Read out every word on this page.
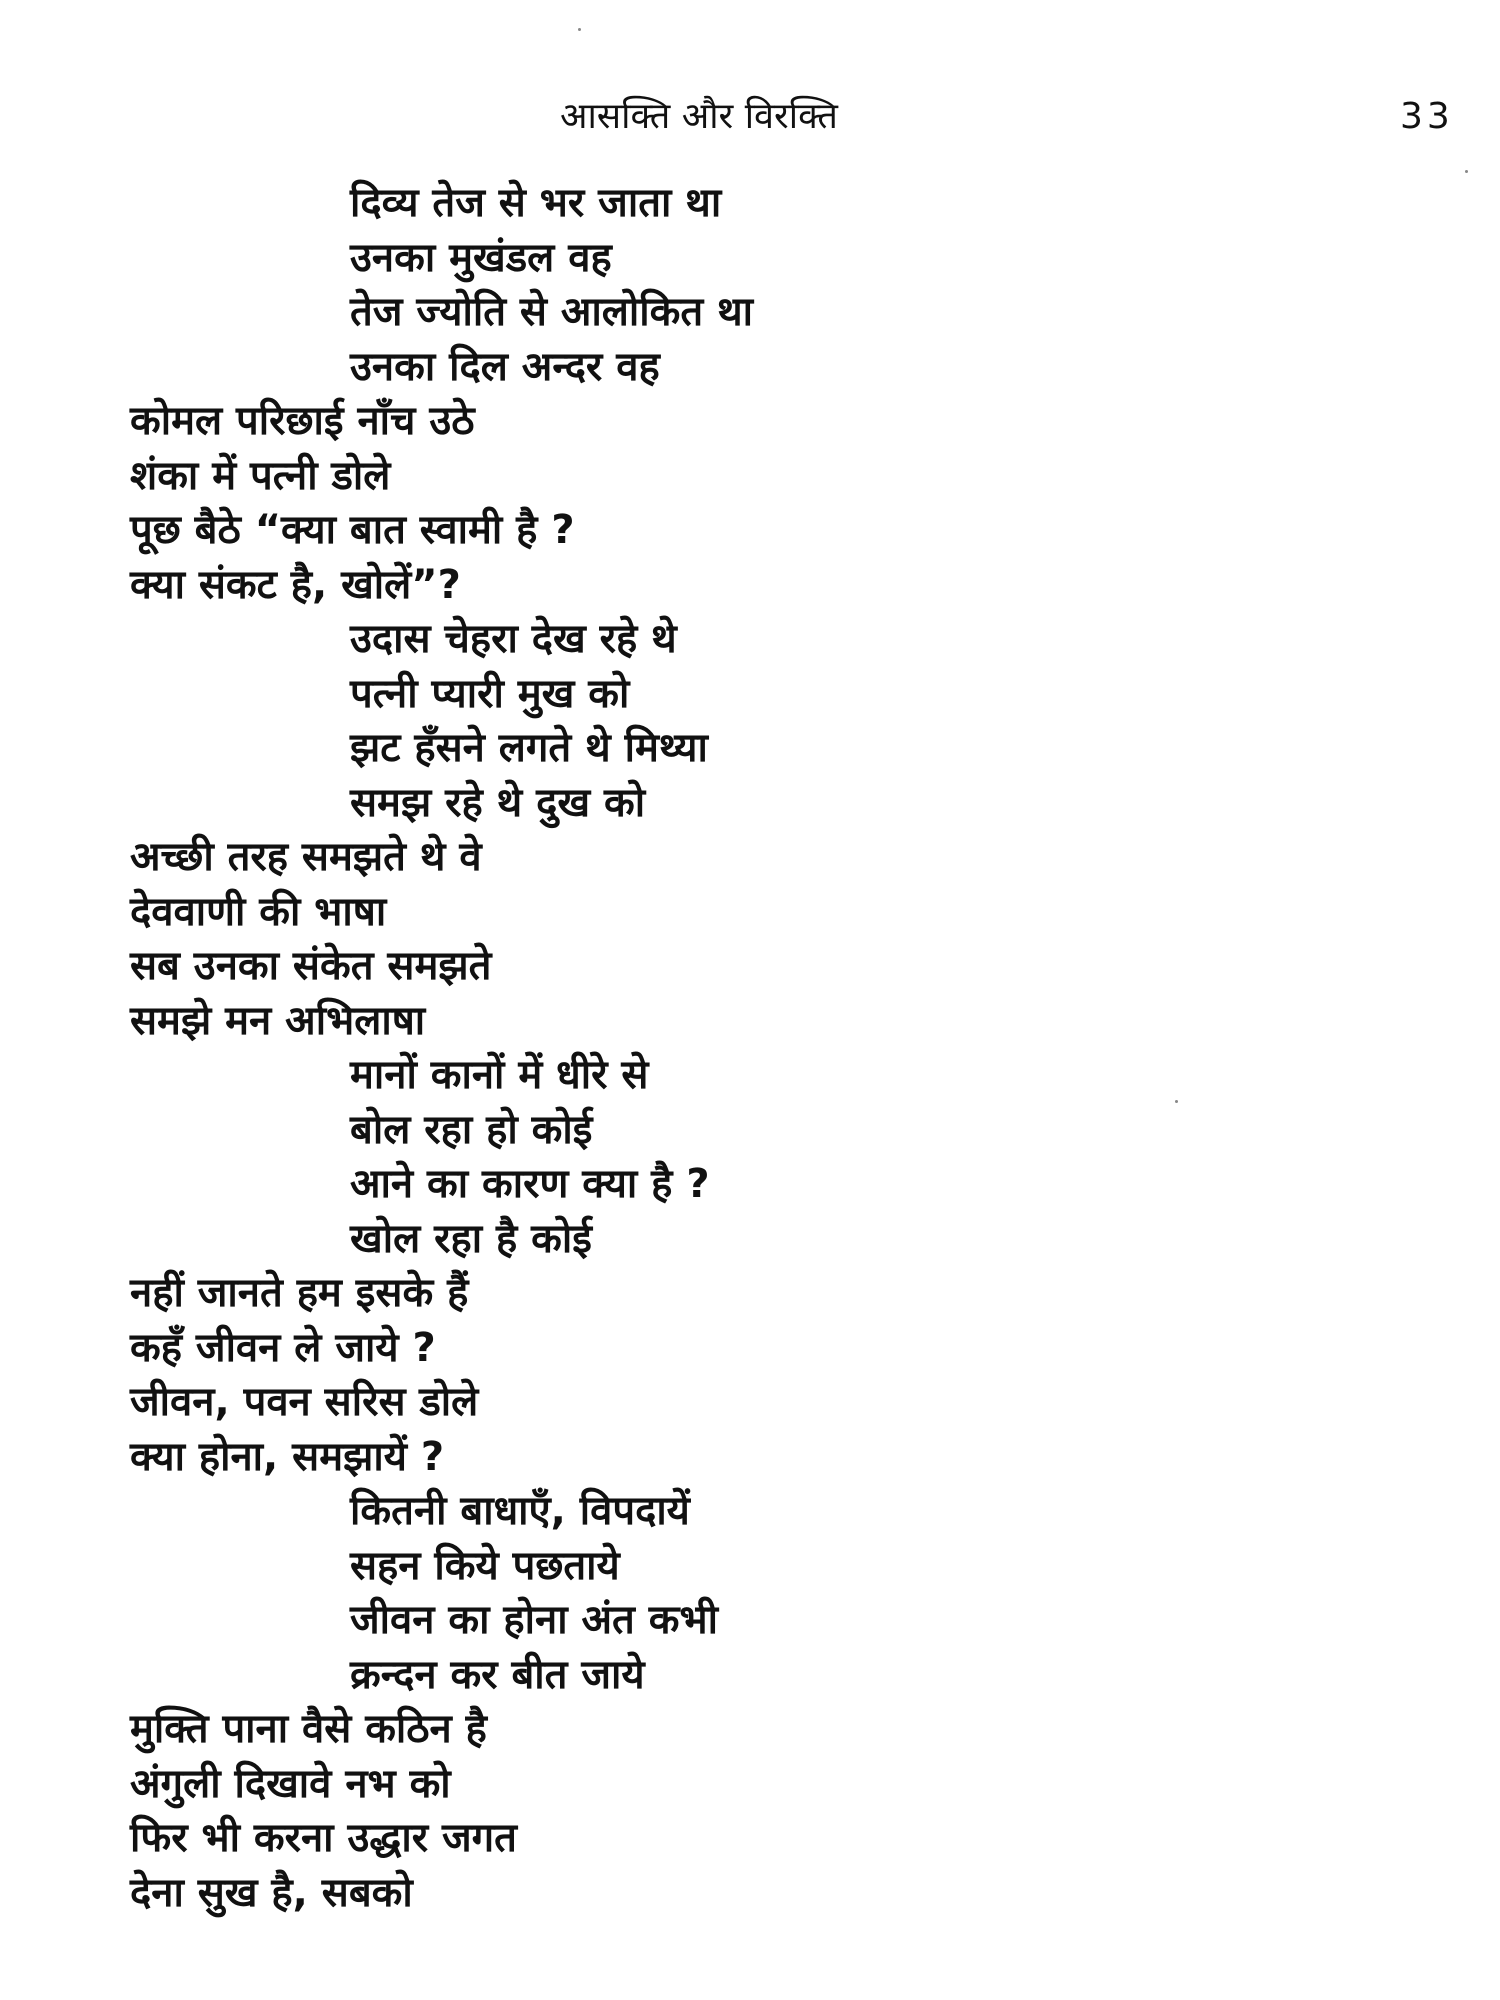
आसक्ति और विरक्ति	33
दिव्य तेज से भर जाता था
उनका मुखंडल वह
तेज ज्योति से आलोकित था
उनका दिल अन्दर वह
कोमल परिछाई नाँच उठे
शंका में पत्नी डोले
पूछ बैठे “क्या बात स्वामी है ?
क्या संकट है, खोलें”?
उदास चेहरा देख रहे थे
पत्नी प्यारी मुख को
झट हँसने लगते थे मिथ्या
समझ रहे थे दुख को
अच्छी तरह समझते थे वे
देववाणी की भाषा
सब उनका संकेत समझते
समझे मन अभिलाषा
मानों कानों में धीरे से
बोल रहा हो कोई
आने का कारण क्या है ?
खोल रहा है कोई
नहीं जानते हम इसके हैं
कहँ जीवन ले जाये ?
जीवन, पवन सरिस डोले
क्या होना, समझायें ?
कितनी बाधाएँ, विपदायें
सहन किये पछताये
जीवन का होना अंत कभी
क्रन्दन कर बीत जाये
मुक्ति पाना वैसे कठिन है
अंगुली दिखावे नभ को
फिर भी करना उद्धार जगत
देना सुख है, सबको
